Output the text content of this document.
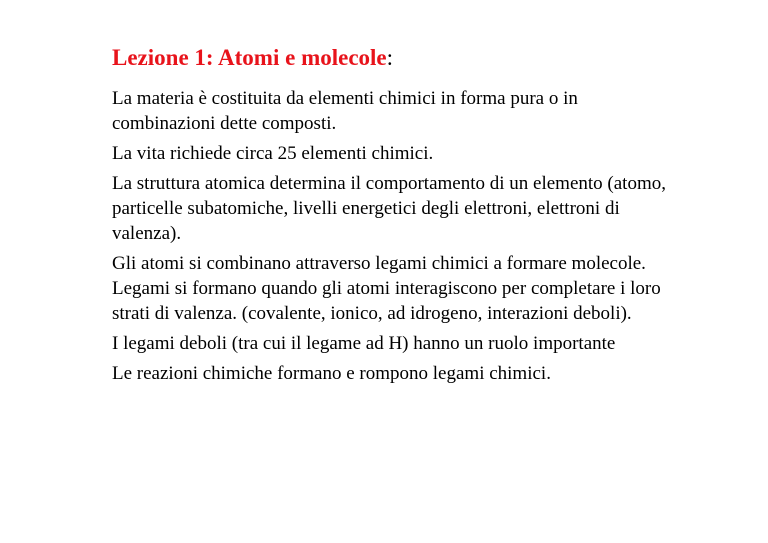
Lezione 1: Atomi e molecole:

La materia è costituita da elementi chimici in forma pura o in combinazioni dette composti.

La vita richiede circa 25 elementi chimici.

La struttura atomica determina il comportamento di un elemento (atomo, particelle subatomiche, livelli energetici degli elettroni, elettroni di valenza).

Gli atomi si combinano attraverso legami chimici a formare molecole. Legami si formano quando gli atomi interagiscono per completare i loro strati di valenza. (covalente, ionico, ad idrogeno, interazioni deboli).

I legami deboli (tra cui il legame ad H) hanno un ruolo importante

Le reazioni chimiche formano e rompono legami chimici.
